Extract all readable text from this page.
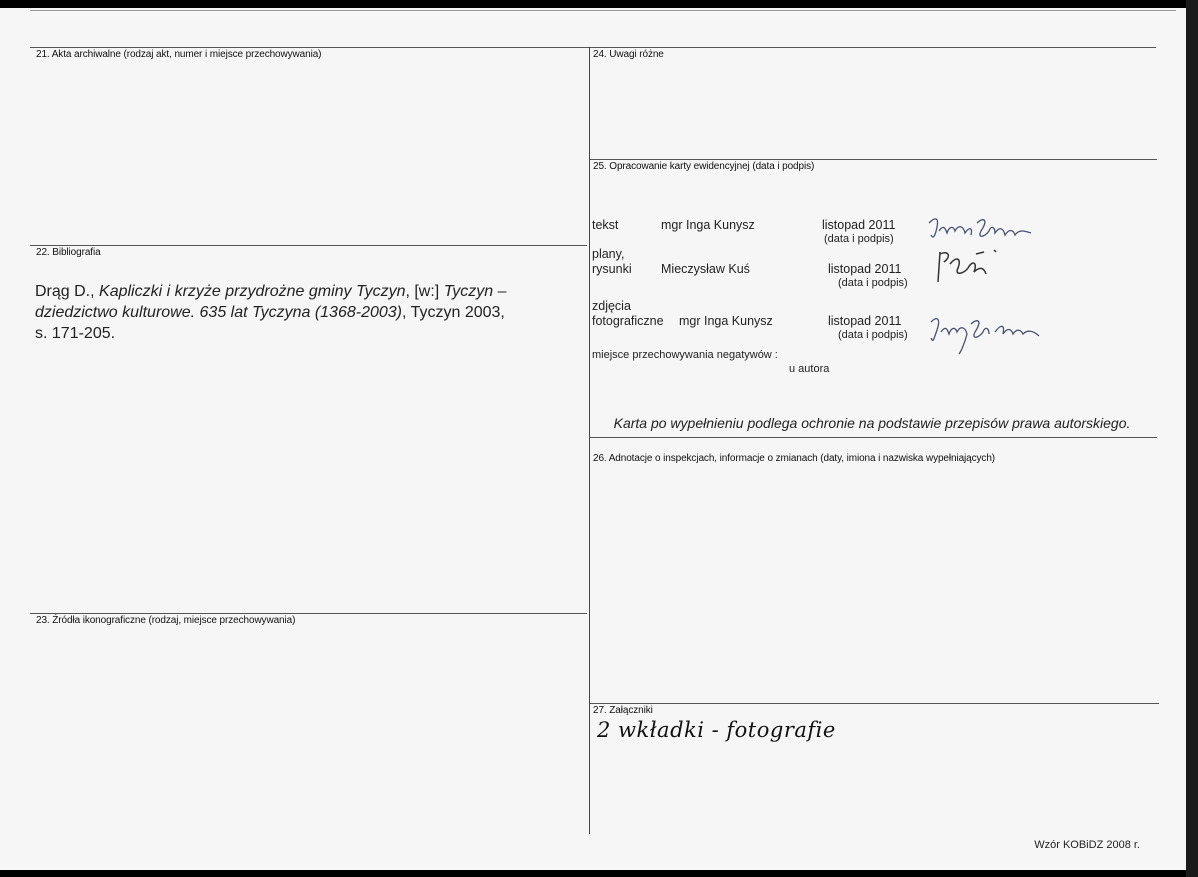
21. Akta archiwalne (rodzaj akt, numer i miejsce przechowywania)	24. Uwagi różne
25. Opracowanie karty ewidencyjnej (data i podpis)
22. Bibliografia
26. Adnotacje o inspekcjach, informacje o zmianach (daty, imiona i nazwiska wypełniających)
23. Źródła ikonograficzne (rodzaj, miejsce przechowywania)
27. Załączniki
Drąg D., Kapliczki i krzyże przydrożne gminy Tyczyn, [w:] Tyczyn –
dziedzictwo kulturowe. 635 lat Tyczyna (1368-2003), Tyczyn 2003,
s. 171-205.
tekst	mgr Inga Kunysz	listopad 2011
(data i podpis)
plany,
rysunki Mieczysław Kuś	listopad 2011
(data i podpis)
zdjęcia
fotograficzne mgr Inga Kunysz	listopad 2011
(data i podpis)
miejsce przechowywania negatywów :
u autora
Karta po wypełnieniu podlega ochronie na podstawie przepisów prawa autorskiego.
2 wkładki - fotografie
Wzór KOBiDZ 2008 r.
